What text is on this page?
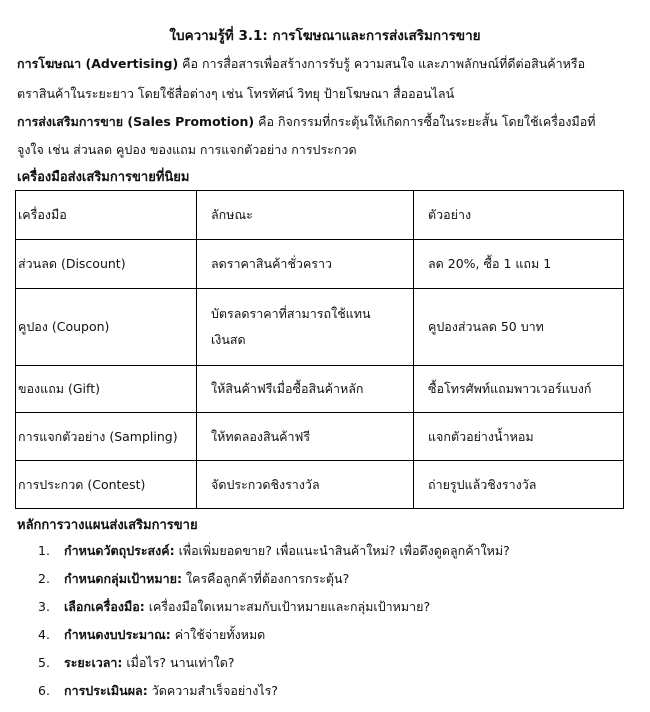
ใบความรู้ที่ 3.1: การโฆษณาและการส่งเสริมการขาย
การโฆษณา (Advertising) คือ การสื่อสารเพื่อสร้างการรับรู้ ความสนใจ และภาพลักษณ์ที่ดีต่อสินค้าหรือ
ตราสินค้าในระยะยาว โดยใช้สื่อต่างๆ เช่น โทรทัศน์ วิทยุ ป้ายโฆษณา สื่อออนไลน์
การส่งเสริมการขาย (Sales Promotion) คือ กิจกรรมที่กระตุ้นให้เกิดการซื้อในระยะสั้น โดยใช้เครื่องมือที่
จูงใจ เช่น ส่วนลด คูปอง ของแถม การแจกตัวอย่าง การประกวด
เครื่องมือส่งเสริมการขายที่นิยม
เครื่องมือ	ลักษณะ	ตัวอย่าง
ส่วนลด (Discount)	ลดราคาสินค้าชั่วคราว	ลด 20%, ซื้อ 1 แถม 1
คูปอง (Coupon)	บัตรลดราคาที่สามารถใช้แทนเงินสด	คูปองส่วนลด 50 บาท
ของแถม (Gift)	ให้สินค้าฟรีเมื่อซื้อสินค้าหลัก	ซื้อโทรศัพท์แถมพาวเวอร์แบงก์
การแจกตัวอย่าง (Sampling)	ให้ทดลองสินค้าฟรี	แจกตัวอย่างน้ำหอม
การประกวด (Contest)	จัดประกวดชิงรางวัล	ถ่ายรูปแล้วชิงรางวัล
หลักการวางแผนส่งเสริมการขาย
1. กำหนดวัตถุประสงค์: เพื่อเพิ่มยอดขาย? เพื่อแนะนำสินค้าใหม่? เพื่อดึงดูดลูกค้าใหม่?
2. กำหนดกลุ่มเป้าหมาย: ใครคือลูกค้าที่ต้องการกระตุ้น?
3. เลือกเครื่องมือ: เครื่องมือใดเหมาะสมกับเป้าหมายและกลุ่มเป้าหมาย?
4. กำหนดงบประมาณ: ค่าใช้จ่ายทั้งหมด
5. ระยะเวลา: เมื่อไร? นานเท่าใด?
6. การประเมินผล: วัดความสำเร็จอย่างไร?
